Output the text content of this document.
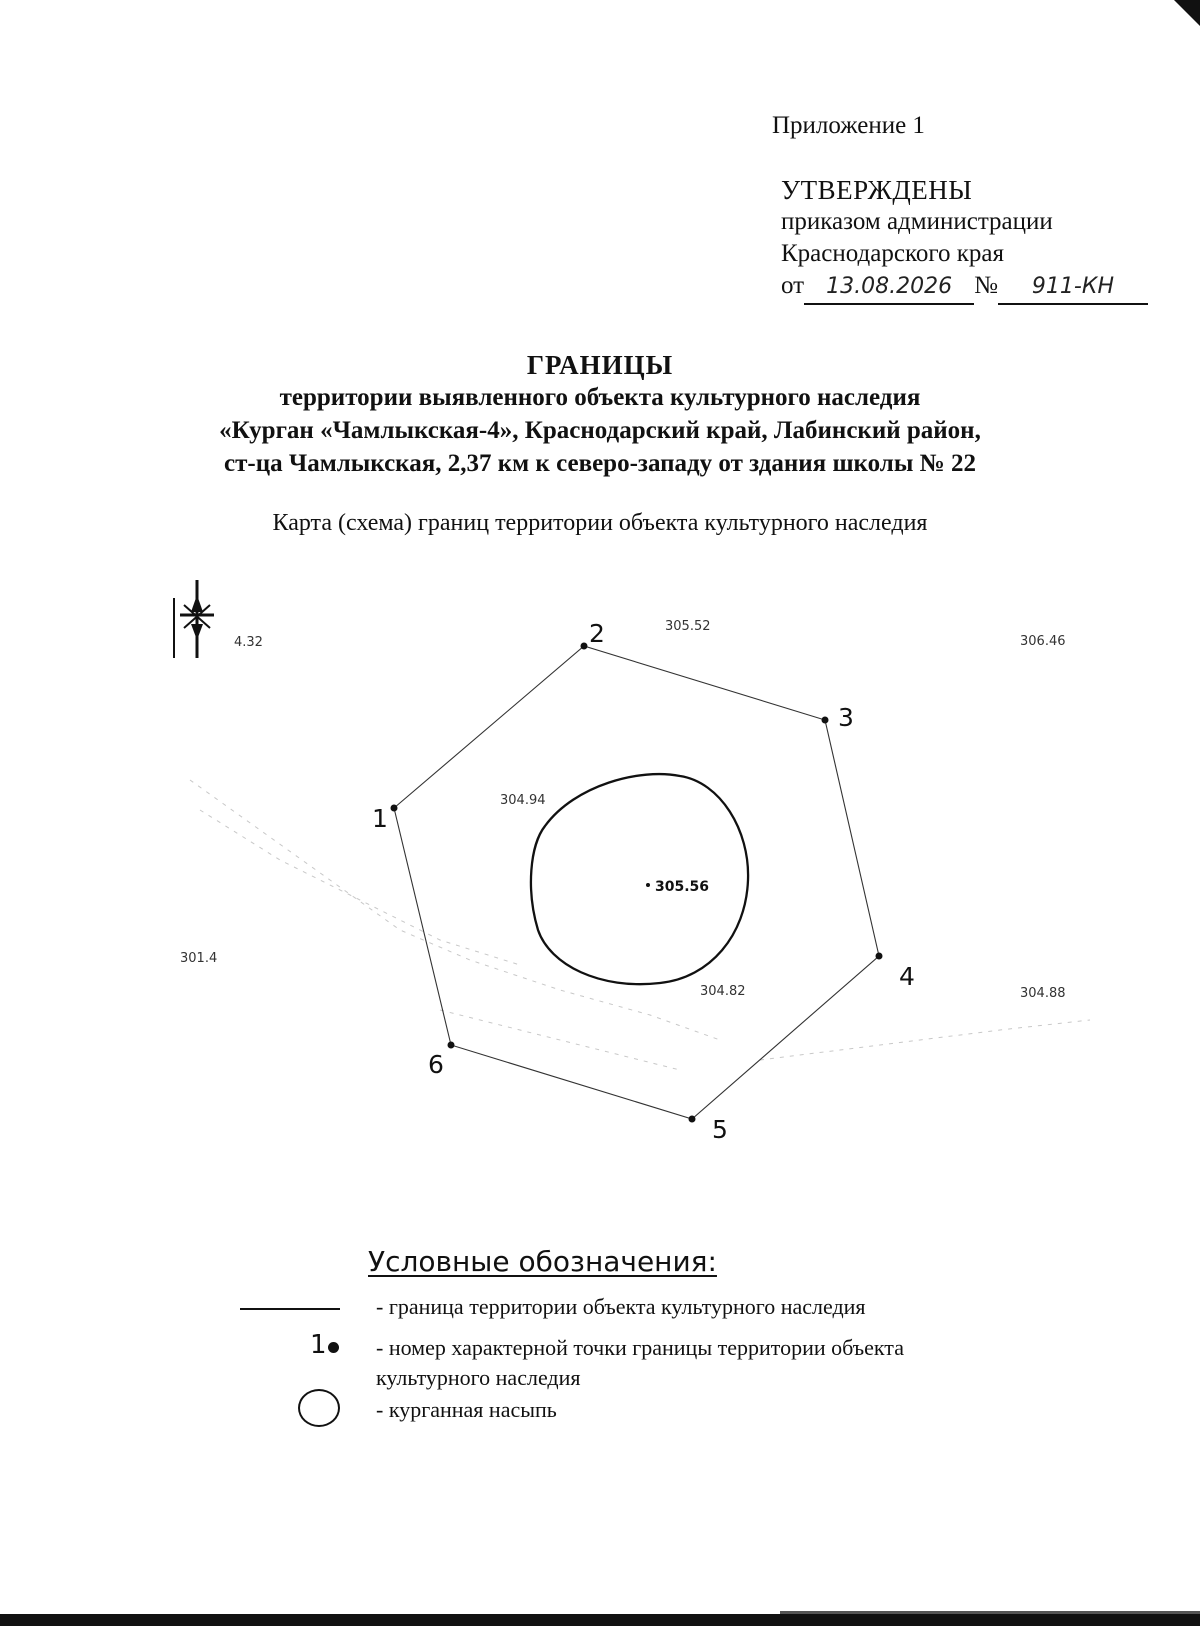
Приложение 1
УТВЕРЖДЕНЫ
приказом администрации
Краснодарского края
от 13.08.2026 № 911-КН
ГРАНИЦЫ
территории выявленного объекта культурного наследия
«Курган «Чамлыкская-4», Краснодарский край, Лабинский район,
ст-ца Чамлыкская, 2,37 км к северо-западу от здания школы № 22
Карта (схема) границ территории объекта культурного наследия
1
2
3
4
5
6
4.32
305.52
306.46
301.4
304.94
305.56
304.82	304.88
Условные обозначения:
- граница территории объекта культурного наследия
1 - номер характерной точки границы территории объекта
культурного наследия
- курганная насыпь
